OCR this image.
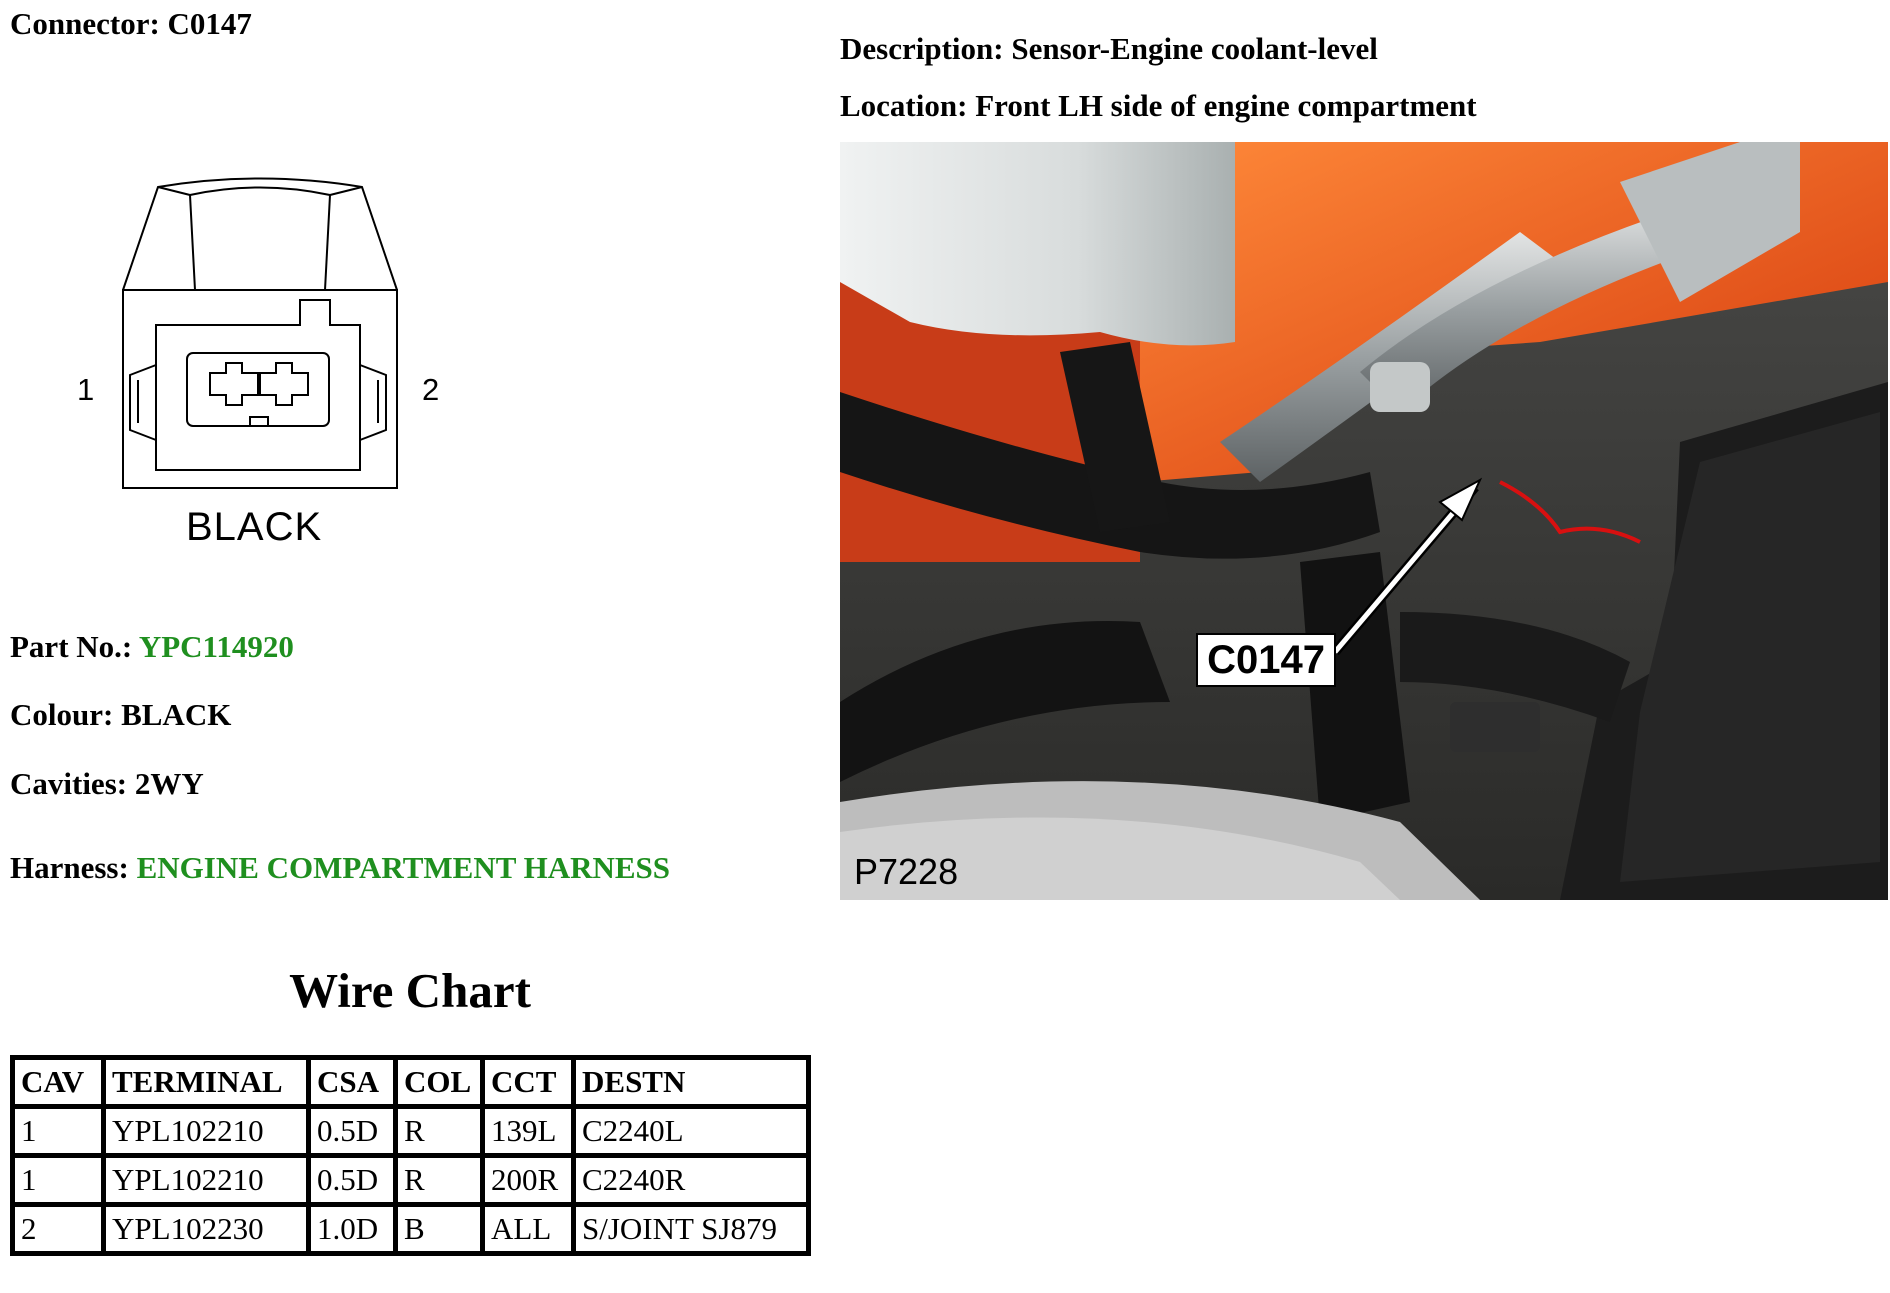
Connector: C0147
Description: Sensor-Engine coolant-level
Location: Front LH side of engine compartment
1	2
BLACK
Part No.: YPC114920
Colour: BLACK
Cavities: 2WY
Harness: ENGINE COMPARTMENT HARNESS
Wire Chart
CAV	TERMINAL	CSA	COL	CCT	DESTN
1	YPL102210	0.5D	R	139L	C2240L
1	YPL102210	0.5D	R	200R	C2240R
2	YPL102230	1.0D	B	ALL	S/JOINT SJ879
C0147
P7228
